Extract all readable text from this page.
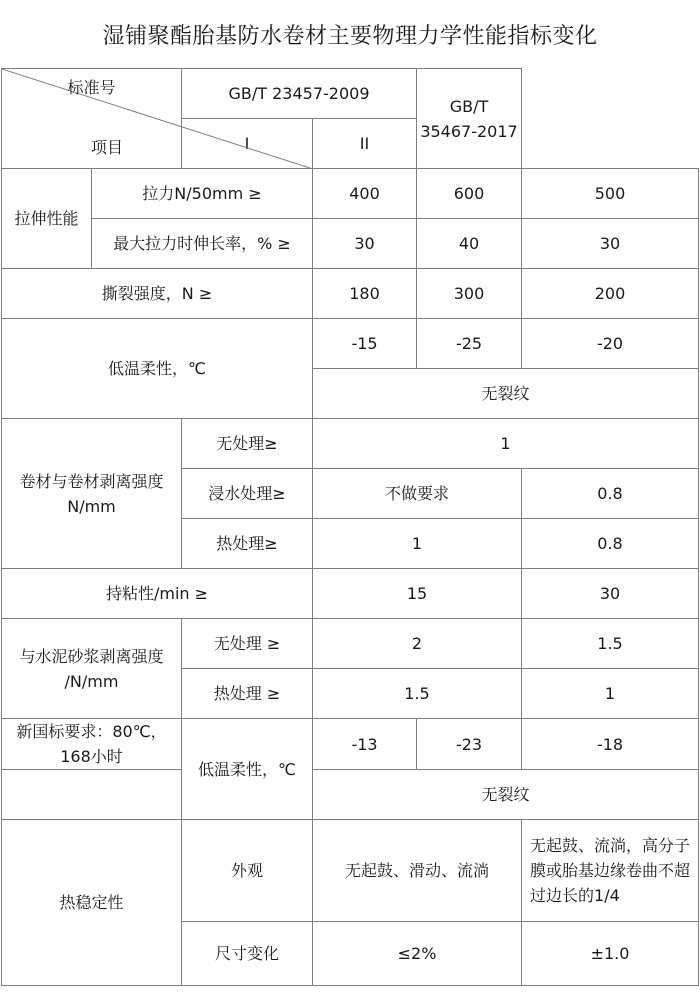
湿铺聚酯胎基防水卷材主要物理力学性能指标变化
标准号
项目		GB/T 23457-2009		GB/T 35467-2017	
		I	II		
拉伸性能	拉力N/50mm ≥		400	600	500
	最大拉力时伸长率，% ≥		30	40	30
撕裂强度，N ≥			180	300	200
低温柔性，℃			-15	-25	-20
			无裂纹		
卷材与卷材剥离强度 N/mm		无处理≥	1		
		浸水处理≥	不做要求		0.8
		热处理≥	1		0.8
持粘性/min ≥			15		30
与水泥砂浆剥离强度 /N/mm		无处理 ≥	2		1.5
		热处理 ≥	1.5		1
新国标要求：80℃，168小时		低温柔性，℃	-13	-23	-18
			无裂纹		
热稳定性		外观	无起鼓、滑动、流淌		无起鼓、流淌，高分子膜或胎基边缘卷曲不超过边长的1/4
		尺寸变化	≤2%		±1.0
